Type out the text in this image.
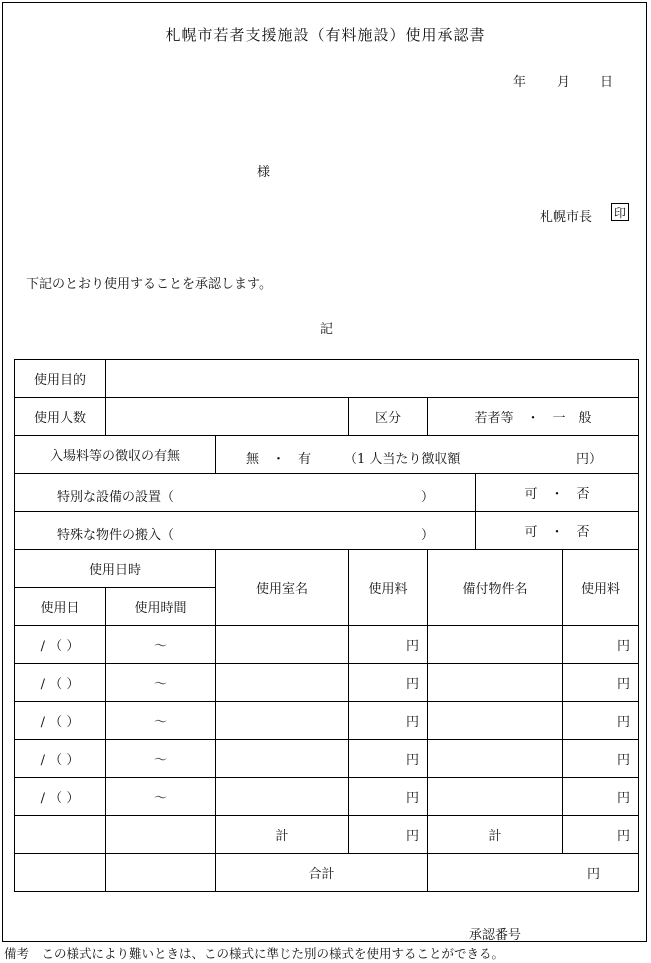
札幌市若者支援施設（有料施設）使用承認書
年 月 日
様
札幌市長 印
下記のとおり使用することを承認します。
記
使用目的						
使用人数			区分	若者等　・　一　般		
入場料等の徴収の有無		無　・　有 （1 人当たり徴収額 円）				

特別な設備の設置（ ）					可　・　否	

特殊な物件の搬入（ ）					可　・　否	
使用日時		使用室名	使用料	備付物件名		使用料
使用日	使用時間					
/ （ ）	〜		円			円
/ （ ）	〜		円			円
/ （ ）	〜		円			円
/ （ ）	〜		円			円
/ （ ）	〜		円			円
		計	円	計		円
		合計		円		
承認番号
備考　この様式により難いときは、この様式に準じた別の様式を使用することができる。
